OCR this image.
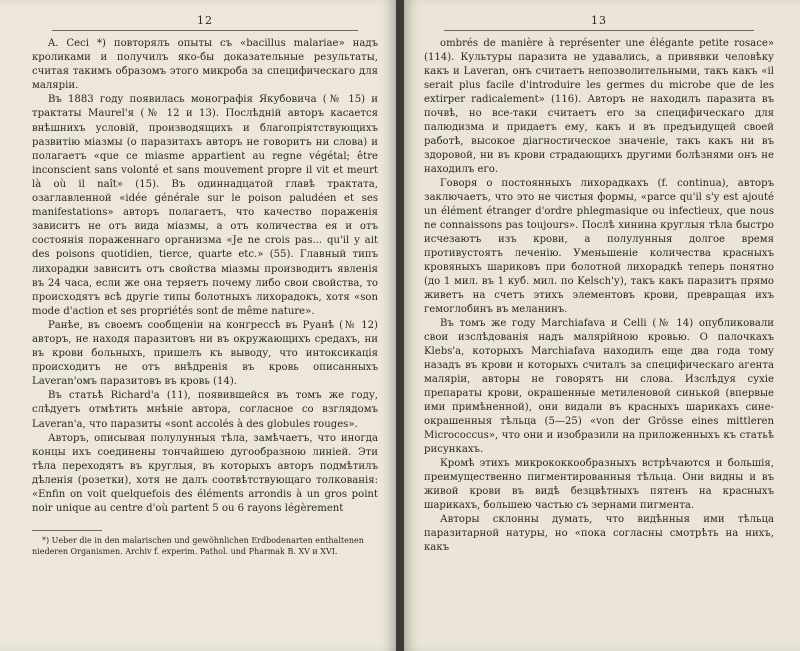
12

A. Ceci *) повторялъ опыты съ «bacillus malariae» надъ кроликами и получилъ яко-бы доказательные результаты, считая такимъ образомъ этого микроба за специфическаго для малярiи.

Въ 1883 году появилась монографiя Якубовича (№ 15) и трактаты Maurel'я (№ 12 и 13). Послѣднiй авторъ касается внѣшнихъ условiй, производящихъ и благопрiятствующихъ развитiю мiазмы (о паразитахъ авторъ не говоритъ ни слова) и полагаетъ «que ce miasme appartient au regne végétal; être inconscient sans volonté et sans mouvement propre il vit et meurt là où il naît» (15). Въ одиннадцатой главѣ трактата, озаглавленной «idée générale sur le poison paludéen et ses manifestations» авторъ полагаетъ, что качество пораженiя зависитъ не отъ вида мiазмы, а отъ количества ея и отъ состоянiя пораженнаго организма «Je ne crois pas... qu'il y ait des poisons quotidien, tierce, quarte etc.» (55). Главный типъ лихорадки зависитъ отъ свойства мiазмы производитъ явленiя въ 24 часа, если же она теряетъ почему либо свои свойства, то происходятъ всѣ другiе типы болотныхъ лихорадокъ, хотя «son mode d'action et ses propriétés sont de même nature».

Ранѣе, въ своемъ сообщенiи на конгрессѣ въ Руанѣ (№ 12) авторъ, не находя паразитовъ ни въ окружающихъ средахъ, ни въ крови больныхъ, пришелъ къ выводу, что интоксикацiя происходитъ не отъ внѣдренiя въ кровь описанныхъ Laveran'омъ паразитовъ въ кровь (14).

Въ статьѣ Richard'а (11), появившейся въ томъ же году, слѣдуетъ отмѣтить мнѣнiе автора, согласное со взглядомъ Laveran'а, что паразиты «sont accolés à des globules rouges».

Авторъ, описывая полулунныя тѣла, замѣчаетъ, что иногда концы ихъ соединены тончайшею дугообразною линiей. Эти тѣла переходятъ въ круглыя, въ которыхъ авторъ подмѣтилъ дѣленiя (розетки), хотя не далъ соотвѣтствующаго толкованiя: «Enfin on voit quelquefois des éléments arrondis à un gros point noir unique au centre d'où partent 5 ou 6 rayons légèrement

*) Ueber die in den malarischen und gewöhnlichen Erdbodenarten enthaltenen niederen Organismen. Archiv f. experim. Pathol. und Pharmak B. XV и XVI.

13

ombrés de manière à représenter une élégante petite rosace» (114). Культуры паразита не удавались, а привявки человѣку какъ и Laveran, онъ считаетъ непозволительными, такъ какъ «il serait plus facile d'introduire les germes du microbe que de les extirper radicalement» (116). Авторъ не находилъ паразита въ почвѣ, но все-таки считаетъ его за специфическаго для палюдизма и придаетъ ему, какъ и въ предъидущей своей работѣ, высокое дiагностическое значенiе, такъ какъ ни въ здоровой, ни въ крови страдающихъ другими болѣзнями онъ не находилъ его.

Говоря о постоянныхъ лихорадкахъ (f. continua), авторъ заключаетъ, что это не чистыя формы, «parce qu'il s'y est ajouté un élément étranger d'ordre phlegmasique ou infectieux, que nous ne connaissons pas toujours». Послѣ хинина круглыя тѣла быстро исчезаютъ изъ крови, а полулунныя долгое время противустоятъ леченiю. Уменьшенiе количества красныхъ кровяныхъ шариковъ при болотной лихорадкѣ теперь понятно (до 1 мил. въ 1 куб. мил. по Kelsch'у), такъ какъ паразитъ прямо живетъ на счетъ этихъ элементовъ крови, превращая ихъ гемоглобинъ въ меланинъ.

Въ томъ же году Marchiafava и Celli (№ 14) опубликовали свои изслѣдованiя надъ малярiйною кровью. О палочкахъ Klebs'а, которыхъ Marchiafava находилъ еще два года тому назадъ въ крови и которыхъ считалъ за специфическаго агента малярiи, авторы не говорятъ ни слова. Изслѣдуя сухiе препараты крови, окрашенные метиленовой синькой (впервые ими примѣненной), они видали въ красныхъ шарикахъ сине-окрашенныя тѣльца (5—25) «von der Grösse eines mittleren Micrococcus», что они и изобразили на приложенныхъ къ статьѣ рисункахъ.

Кромѣ этихъ микрококкообразныхъ встрѣчаются и большiя, преимущественно пигментированныя тѣльца. Они видны и въ живой крови въ видѣ безцвѣтныхъ пятенъ на красныхъ шарикахъ, большею частью съ зернами пигмента.

Авторы склонны думать, что видѣнныя ими тѣльца паразитарной натуры, но «пока согласны смотрѣть на нихъ, какъ
